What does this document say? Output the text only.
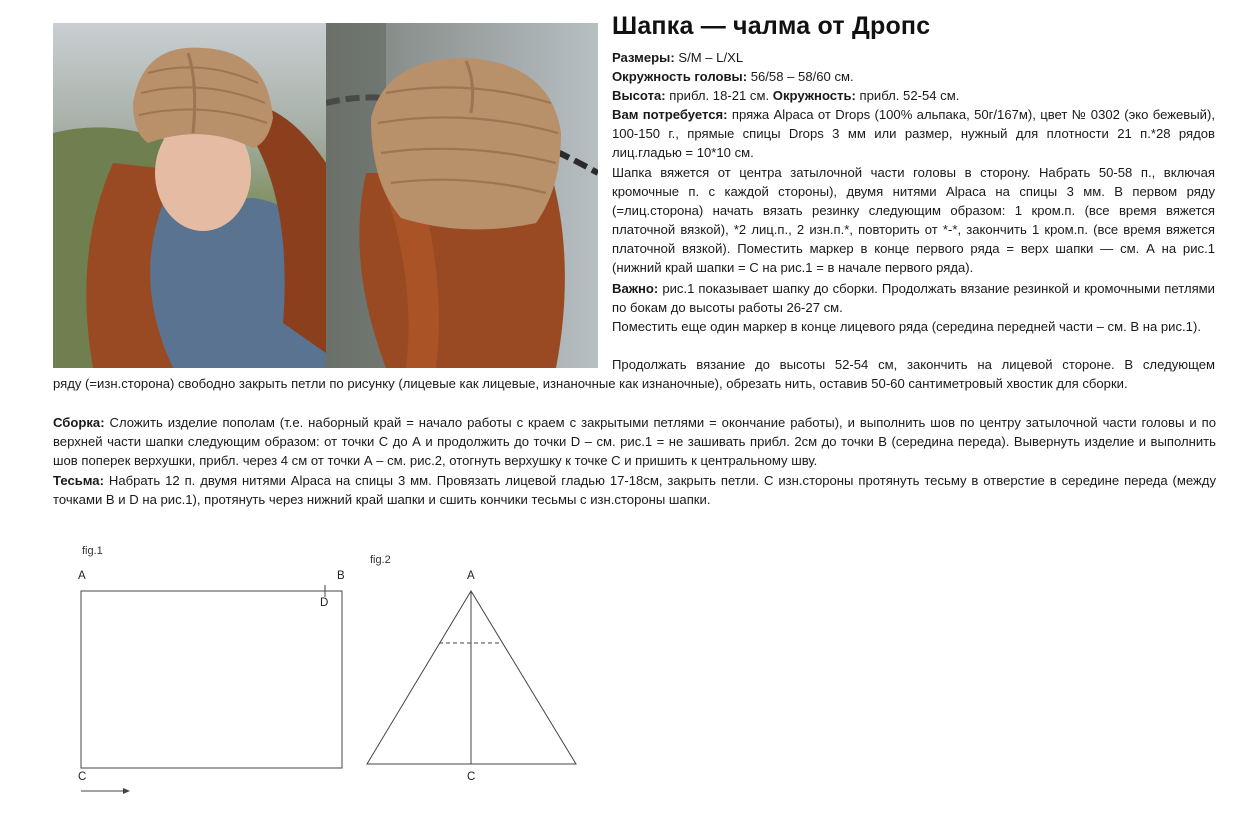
Шапка — чалма от Дропс
Размеры: S/M – L/XL
Окружность головы: 56/58 – 58/60 см.
Высота: прибл. 18-21 см. Окружность: прибл. 52-54 см.
Вам потребуется: пряжа Alpaca от Drops (100% альпака, 50г/167м), цвет № 0302 (эко бежевый), 100-150 г., прямые спицы Drops 3 мм или размер, нужный для плотности 21 п.*28 рядов лиц.гладью = 10*10 см.
Шапка вяжется от центра затылочной части головы в сторону. Набрать 50-58 п., включая кромочные п. с каждой стороны), двумя нитями Alpaca на спицы 3 мм. В первом ряду (=лиц.сторона) начать вязать резинку следующим образом: 1 кром.п. (все время вяжется платочной вязкой), *2 лиц.п., 2 изн.п.*, повторить от *-*, закончить 1 кром.п. (все время вяжется платочной вязкой). Поместить маркер в конце первого ряда = верх шапки — см. А на рис.1 (нижний край шапки = С на рис.1 = в начале первого ряда).
Важно: рис.1 показывает шапку до сборки. Продолжать вязание резинкой и кромочными петлями по бокам до высоты работы 26-27 см.
Поместить еще один маркер в конце лицевого ряда (середина передней части – см. В на рис.1).
Продолжать вязание до высоты 52-54 см, закончить на лицевой стороне. В следующем
ряду (=изн.сторона) свободно закрыть петли по рисунку (лицевые как лицевые, изнаночные как изнаночные), обрезать нить, оставив 50-60 сантиметровый хвостик для сборки.
Сборка: Сложить изделие пополам (т.е. наборный край = начало работы с краем с закрытыми петлями = окончание работы), и выполнить шов по центру затылочной части головы и по верхней части шапки следующим образом: от точки С до А и продолжить до точки D – см. рис.1 = не зашивать прибл. 2см до точки В (середина переда). Вывернуть изделие и выполнить шов поперек верхушки, прибл. через 4 см от точки А – см. рис.2, отогнуть верхушку к точке С и пришить к центральному шву.
Тесьма: Набрать 12 п. двумя нитями Alpaca на спицы 3 мм. Провязать лицевой гладью 17-18см, закрыть петли. С изн.стороны протянуть тесьму в отверстие в середине переда (между точками В и D на рис.1), протянуть через нижний край шапки и сшить кончики тесьмы с изн.стороны шапки.
fig.1
A	B
D
C
fig.2
A
C
